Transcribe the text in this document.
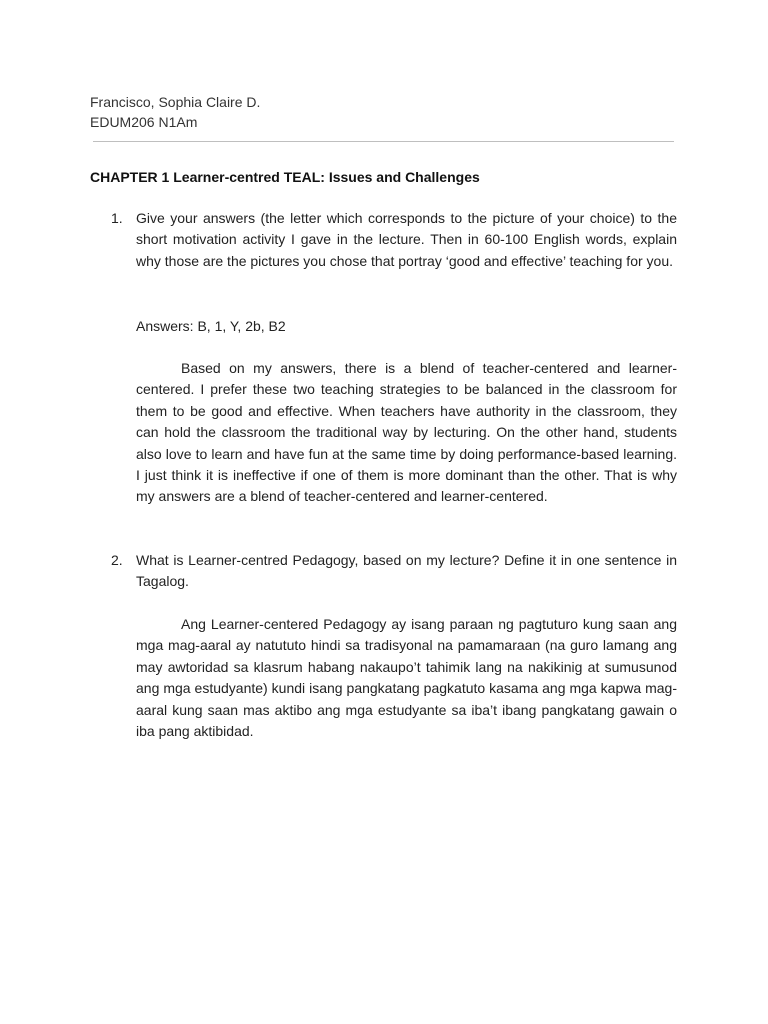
Francisco, Sophia Claire D.
EDUM206 N1Am
CHAPTER 1 Learner-centred TEAL: Issues and Challenges
1. Give your answers (the letter which corresponds to the picture of your choice) to the short motivation activity I gave in the lecture. Then in 60-100 English words, explain why those are the pictures you chose that portray ‘good and effective’ teaching for you.
Answers: B, 1, Y, 2b, B2
Based on my answers, there is a blend of teacher-centered and learner-centered. I prefer these two teaching strategies to be balanced in the classroom for them to be good and effective. When teachers have authority in the classroom, they can hold the classroom the traditional way by lecturing. On the other hand, students also love to learn and have fun at the same time by doing performance-based learning. I just think it is ineffective if one of them is more dominant than the other. That is why my answers are a blend of teacher-centered and learner-centered.
2. What is Learner-centred Pedagogy, based on my lecture? Define it in one sentence in Tagalog.
Ang Learner-centered Pedagogy ay isang paraan ng pagtuturo kung saan ang mga mag-aaral ay natututo hindi sa tradisyonal na pamamaraan (na guro lamang ang may awtoridad sa klasrum habang nakaupo’t tahimik lang na nakikinig at sumusunod ang mga estudyante) kundi isang pangkatang pagkatuto kasama ang mga kapwa mag-aaral kung saan mas aktibo ang mga estudyante sa iba’t ibang pangkatang gawain o iba pang aktibidad.
